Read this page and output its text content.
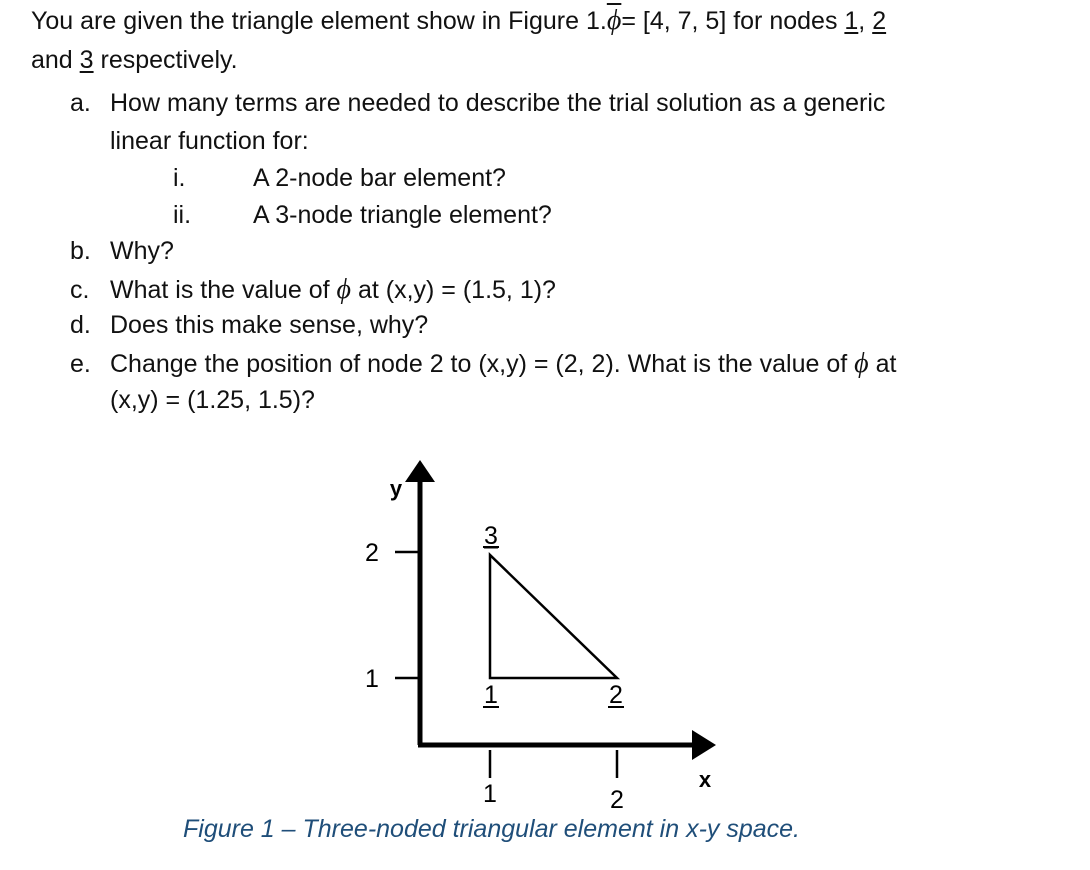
You are given the triangle element show in Figure $1.\overline{\phi}= [4$, 7, 5] for nodes 1, 2
and 3 respectively.
a. How many terms are needed to describe the trial solution as a generic
linear function for:
i.	A 2-node bar element?
ii. A 3-node triangle element?
b. Why?
c. What is the value of ϕ at (x,y) = (1.5, 1)?
d. Does this make sense, why?
e. Change the position of node 2 to (x,y) = (2, 2). What is the value of ϕ at
(x,y) = (1.25, 1.5)?
y
x
2
1
1	2
3
1	2
Figure 1 – Three-noded triangular element in x-y space.
